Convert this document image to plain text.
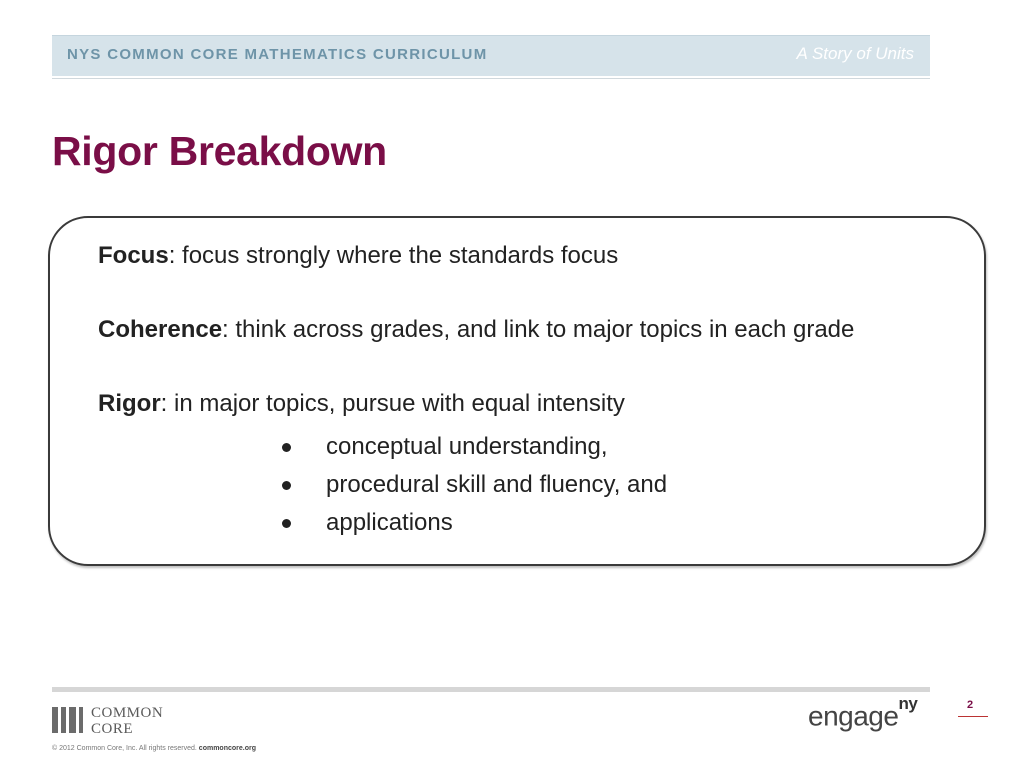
NYS COMMON CORE MATHEMATICS CURRICULUM	A Story of Units
Rigor Breakdown
Focus: focus strongly where the standards focus
Coherence: think across grades, and link to major topics in each grade
Rigor: in major topics, pursue with equal intensity
conceptual understanding,
procedural skill and fluency, and
applications
COMMON
CORE
© 2012 Common Core, Inc. All rights reserved. commoncore.org
engage$^{ny}$	2
